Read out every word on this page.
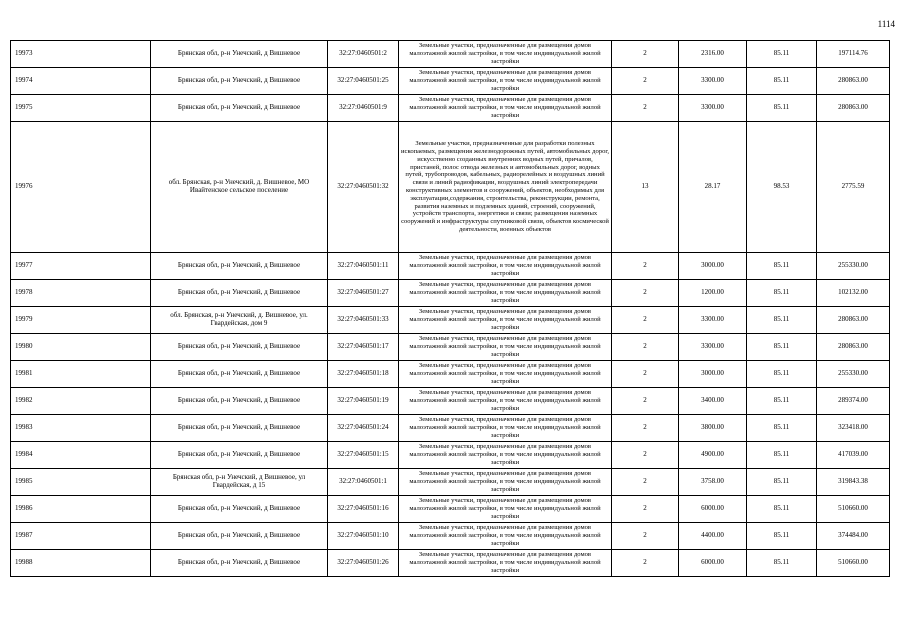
1114
19973	Брянская обл, р-н Унечский, д Вишневое	32:27:0460501:2	Земельные участки, предназначенные для размещения домов малоэтажной жилой застройки, в том числе индивидуальной жилой застройки	2	2316.00	85.11	197114.76
19974	Брянская обл, р-н Унечский, д Вишневое	32:27:0460501:25	Земельные участки, предназначенные для размещения домов малоэтажной жилой застройки, в том числе индивидуальной жилой застройки	2	3300.00	85.11	280863.00
19975	Брянская обл, р-н Унечский, д Вишневое	32:27:0460501:9	Земельные участки, предназначенные для размещения домов малоэтажной жилой застройки, в том числе индивидуальной жилой застройки	2	3300.00	85.11	280863.00
19976	обл. Брянская, р-н Унечский, д. Вишневое, МО Ивайтенское сельское поселение	32:27:0460501:32	Земельные участки, предназначенные для разработки полезных ископаемых, размещения железнодорожных путей, автомобильных дорог, искусственно созданных внутренних водных путей, причалов, пристаней, полос отвода железных и автомобильных дорог, водных путей, трубопроводов, кабельных, радиорелейных и воздушных линий связи и линий радиофикации, воздушных линий электропередачи конструктивных элементов и сооружений, объектов, необходимых для эксплуатации,содержания, строительства, реконструкции, ремонта, развития наземных и подземных зданий, строений, сооружений, устройств транспорта, энергетики и связи; размещения наземных сооружений и инфраструктуры спутниковой связи, объектов космической деятельности, военных объектов	13	28.17	98.53	2775.59
19977	Брянская обл, р-н Унечский, д Вишневое	32:27:0460501:11	Земельные участки, предназначенные для размещения домов малоэтажной жилой застройки, в том числе индивидуальной жилой застройки	2	3000.00	85.11	255330.00
19978	Брянская обл, р-н Унечский, д Вишневое	32:27:0460501:27	Земельные участки, предназначенные для размещения домов малоэтажной жилой застройки, в том числе индивидуальной жилой застройки	2	1200.00	85.11	102132.00
19979	обл. Брянская, р-н Унечский, д. Вишневое, ул. Гвардейская, дом 9	32:27:0460501:33	Земельные участки, предназначенные для размещения домов малоэтажной жилой застройки, в том числе индивидуальной жилой застройки	2	3300.00	85.11	280863.00
19980	Брянская обл, р-н Унечский, д Вишневое	32:27:0460501:17	Земельные участки, предназначенные для размещения домов малоэтажной жилой застройки, в том числе индивидуальной жилой застройки	2	3300.00	85.11	280863.00
19981	Брянская обл, р-н Унечский, д Вишневое	32:27:0460501:18	Земельные участки, предназначенные для размещения домов малоэтажной жилой застройки, в том числе индивидуальной жилой застройки	2	3000.00	85.11	255330.00
19982	Брянская обл, р-н Унечский, д Вишневое	32:27:0460501:19	Земельные участки, предназначенные для размещения домов малоэтажной жилой застройки, в том числе индивидуальной жилой застройки	2	3400.00	85.11	289374.00
19983	Брянская обл, р-н Унечский, д Вишневое	32:27:0460501:24	Земельные участки, предназначенные для размещения домов малоэтажной жилой застройки, в том числе индивидуальной жилой застройки	2	3800.00	85.11	323418.00
19984	Брянская обл, р-н Унечский, д Вишневое	32:27:0460501:15	Земельные участки, предназначенные для размещения домов малоэтажной жилой застройки, в том числе индивидуальной жилой застройки	2	4900.00	85.11	417039.00
19985	Брянская обл, р-н Унечский, д Вишневое, ул Гвардейская, д 15	32:27:0460501:1	Земельные участки, предназначенные для размещения домов малоэтажной жилой застройки, в том числе индивидуальной жилой застройки	2	3758.00	85.11	319843.38
19986	Брянская обл, р-н Унечский, д Вишневое	32:27:0460501:16	Земельные участки, предназначенные для размещения домов малоэтажной жилой застройки, в том числе индивидуальной жилой застройки	2	6000.00	85.11	510660.00
19987	Брянская обл, р-н Унечский, д Вишневое	32:27:0460501:10	Земельные участки, предназначенные для размещения домов малоэтажной жилой застройки, в том числе индивидуальной жилой застройки	2	4400.00	85.11	374484.00
19988	Брянская обл, р-н Унечский, д Вишневое	32:27:0460501:26	Земельные участки, предназначенные для размещения домов малоэтажной жилой застройки, в том числе индивидуальной жилой застройки	2	6000.00	85.11	510660.00
